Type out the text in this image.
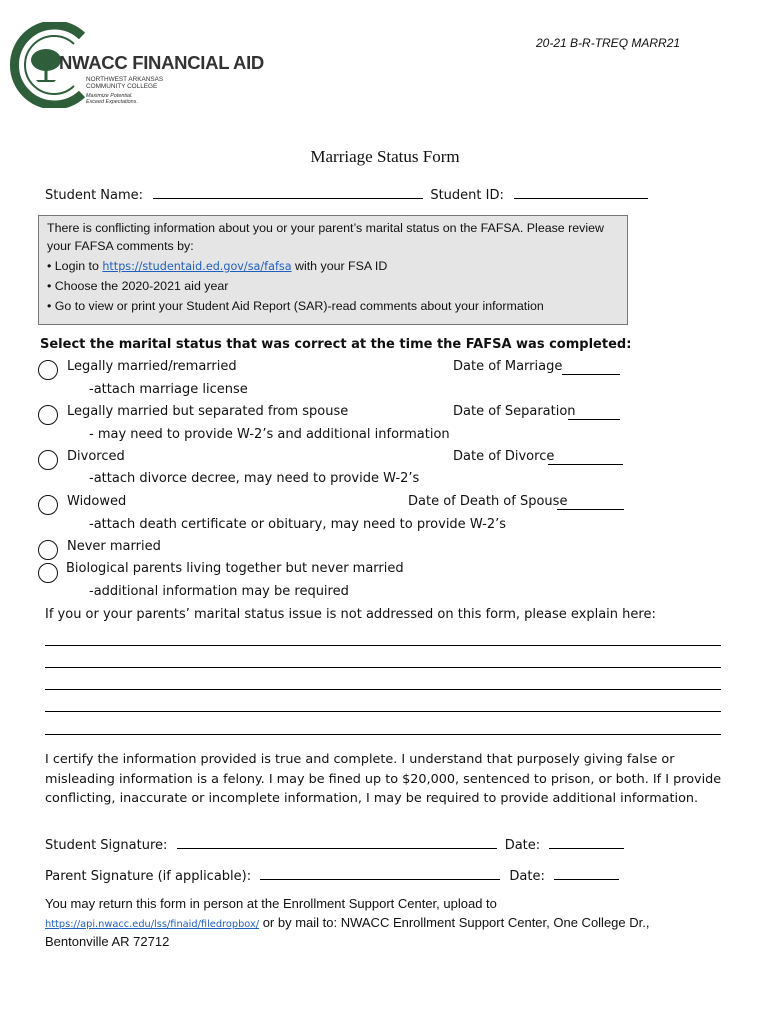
20-21 B-R-TREQ MARR21
NWACC FINANCIAL AID
NORTHWEST ARKANSAS COMMUNITY COLLEGE
Maximize Potential. Exceed Expectations.
Marriage Status Form
Student Name:	Student ID:
There is conflicting information about you or your parent’s marital status on the FAFSA. Please review your FAFSA comments by:
• Login to https://studentaid.ed.gov/sa/fafsa with your FSA ID
• Choose the 2020-2021 aid year
• Go to view or print your Student Aid Report (SAR)-read comments about your information
Select the marital status that was correct at the time the FAFSA was completed:
Legally married/remarried	Date of Marriage
-attach marriage license
Legally married but separated from spouse	Date of Separation
- may need to provide W-2’s and additional information
Divorced	Date of Divorce
-attach divorce decree, may need to provide W-2’s
Widowed	Date of Death of Spouse
-attach death certificate or obituary, may need to provide W-2’s
Never married
Biological parents living together but never married
-additional information may be required
If you or your parents’ marital status issue is not addressed on this form, please explain here:
I certify the information provided is true and complete. I understand that purposely giving false or misleading information is a felony. I may be fined up to $20,000, sentenced to prison, or both. If I provide conflicting, inaccurate or incomplete information, I may be required to provide additional information.
Student Signature:	Date:
Parent Signature (if applicable):	Date:
You may return this form in person at the Enrollment Support Center, upload to
https://api.nwacc.edu/lss/finaid/filedropbox/ or by mail to: NWACC Enrollment Support Center, One College Dr.,
Bentonville AR 72712
